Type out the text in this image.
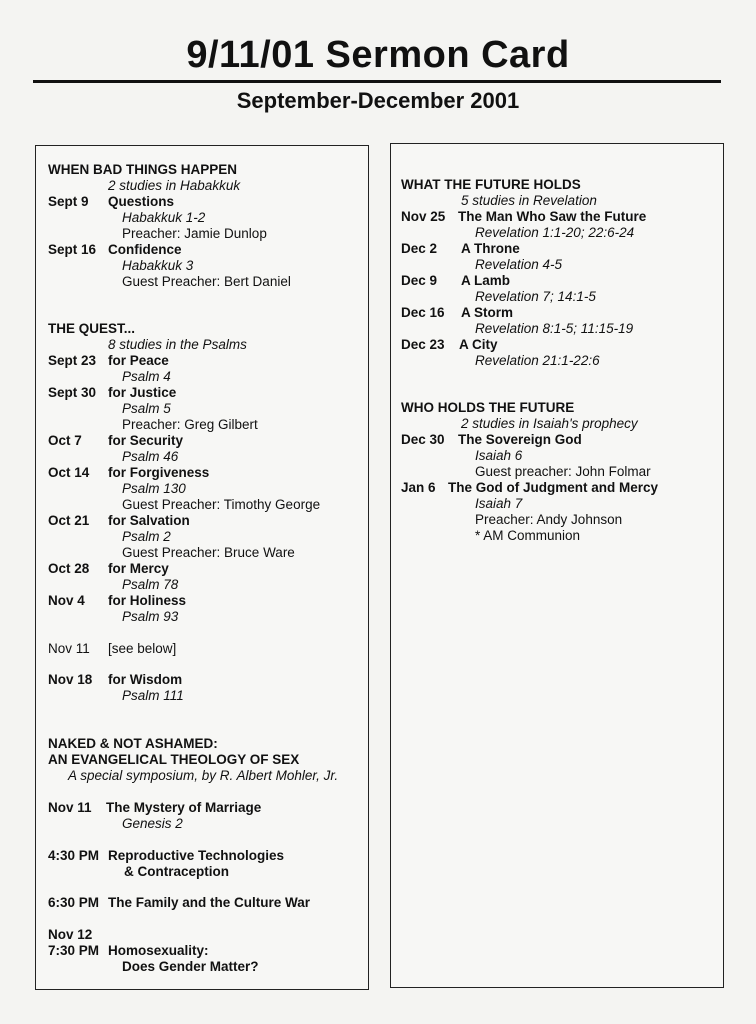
9/11/01 Sermon Card
September-December 2001
WHEN BAD THINGS HAPPEN
2 studies in Habakkuk
Sept 9 Questions
Habakkuk 1-2
Preacher: Jamie Dunlop
Sept 16 Confidence
Habakkuk 3
Guest Preacher: Bert Daniel
THE QUEST...
8 studies in the Psalms
Sept 23 for Peace
Psalm 4
Sept 30 for Justice
Psalm 5
Preacher: Greg Gilbert
Oct 7 for Security
Psalm 46
Oct 14 for Forgiveness
Psalm 130
Guest Preacher: Timothy George
Oct 21 for Salvation
Psalm 2
Guest Preacher: Bruce Ware
Oct 28 for Mercy
Psalm 78
Nov 4 for Holiness
Psalm 93
Nov 11 [see below]
Nov 18 for Wisdom
Psalm 111
NAKED & NOT ASHAMED:
AN EVANGELICAL THEOLOGY OF SEX
A special symposium, by R. Albert Mohler, Jr.
Nov 11 The Mystery of Marriage
Genesis 2
4:30 PM Reproductive Technologies
& Contraception
6:30 PM The Family and the Culture War
Nov 12
7:30 PM Homosexuality:
Does Gender Matter?
WHAT THE FUTURE HOLDS
5 studies in Revelation
Nov 25 The Man Who Saw the Future
Revelation 1:1-20; 22:6-24
Dec 2 A Throne
Revelation 4-5
Dec 9 A Lamb
Revelation 7; 14:1-5
Dec 16 A Storm
Revelation 8:1-5; 11:15-19
Dec 23 A City
Revelation 21:1-22:6
WHO HOLDS THE FUTURE
2 studies in Isaiah's prophecy
Dec 30 The Sovereign God
Isaiah 6
Guest preacher: John Folmar
Jan 6 The God of Judgment and Mercy
Isaiah 7
Preacher: Andy Johnson
* AM Communion
